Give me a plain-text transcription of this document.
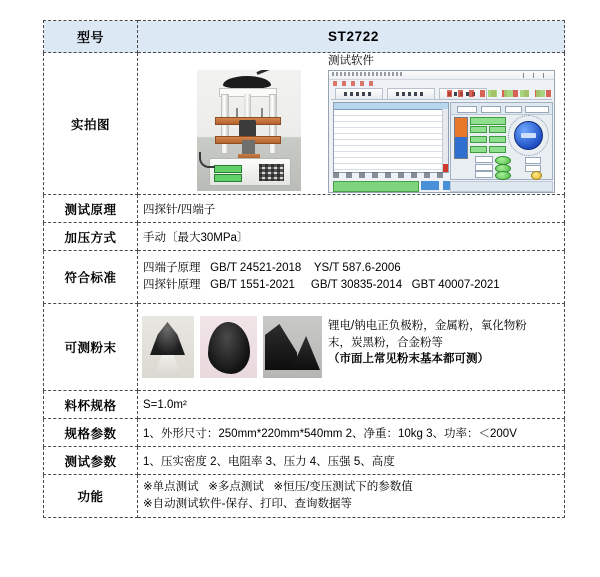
型号	ST2722
实拍图	测试软件

测试原理	四探针/四端子
加压方式	手动〔最大30MPa〕
符合标准	四端子原理   GB/T 24521-2018    YS/T 587.6-2006
四探针原理   GB/T 1551-2021     GB/T 30835-2014   GBT 40007-2021

可测粉末	锂电/钠电正负极粉，金属粉，氧化物粉
末，炭黑粉，合金粉等
（市面上常见粉末基本都可测）

料杯规格	S=1.0m²
规格参数	1、外形尺寸：250mm*220mm*540mm 2、净重：10kg 3、功率：＜200V
测试参数	1、压实密度 2、电阻率 3、压力 4、压强 5、高度
功能	※单点测试   ※多点测试   ※恒压/变压测试下的参数值
※自动测试软件-保存、打印、查询数据等
